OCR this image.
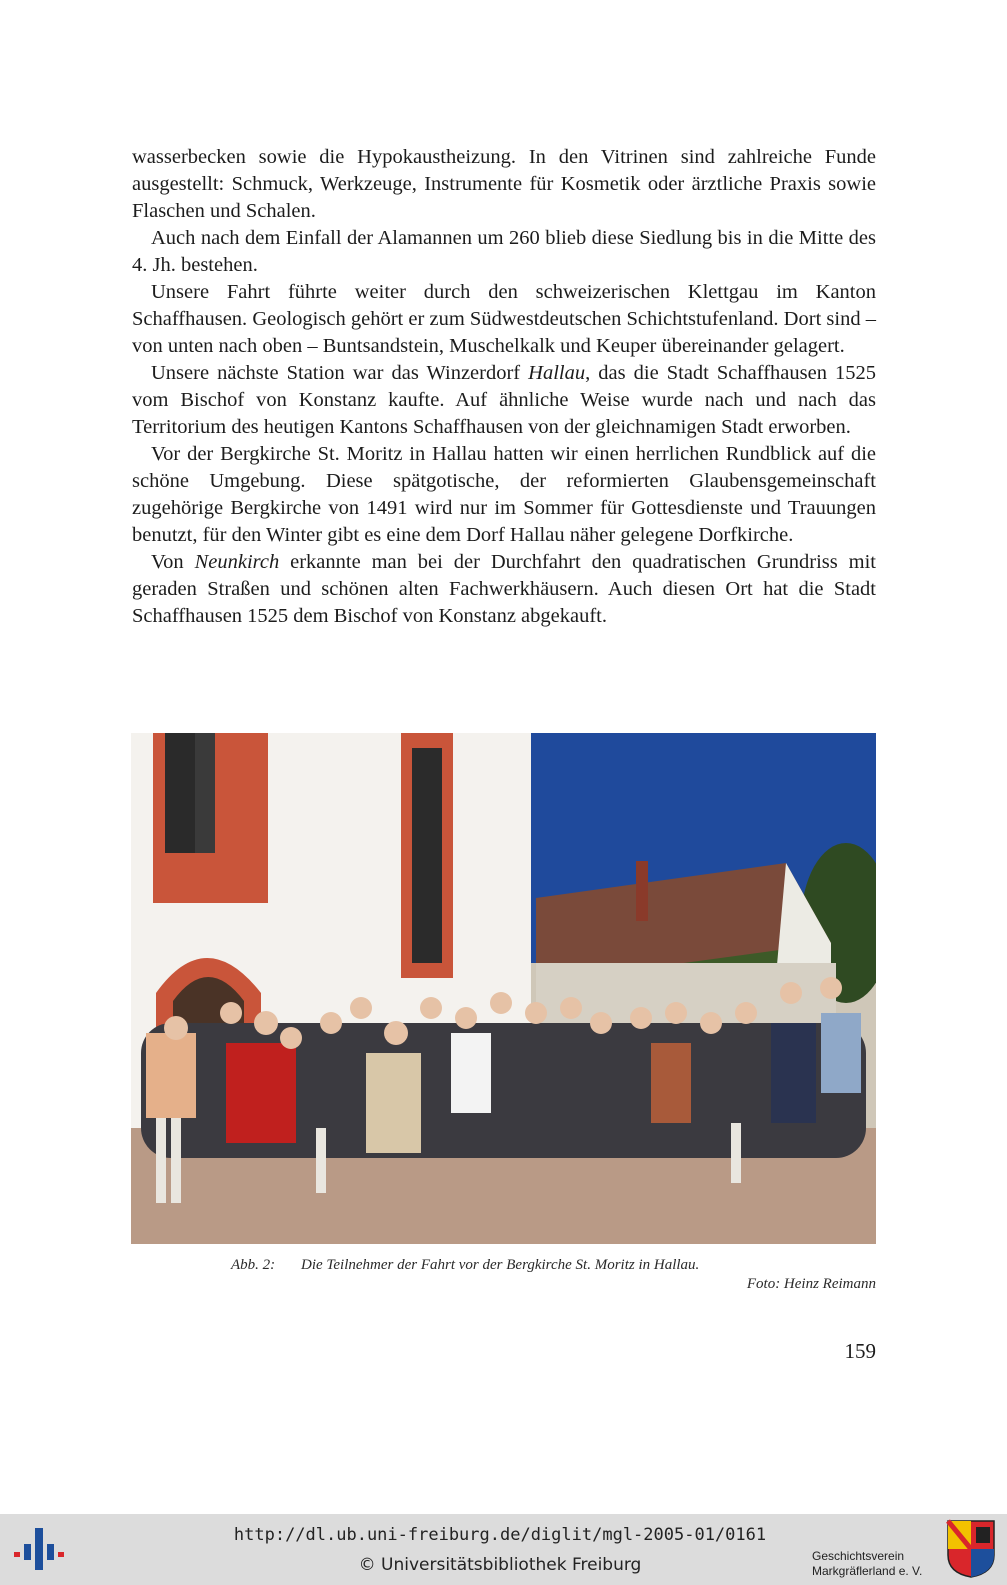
wasserbecken sowie die Hypokaustheizung. In den Vitrinen sind zahlreiche Funde ausgestellt: Schmuck, Werkzeuge, Instrumente für Kosmetik oder ärztliche Praxis sowie Flaschen und Schalen.

Auch nach dem Einfall der Alamannen um 260 blieb diese Siedlung bis in die Mitte des 4. Jh. bestehen.

Unsere Fahrt führte weiter durch den schweizerischen Klettgau im Kanton Schaffhausen. Geologisch gehört er zum Südwestdeutschen Schichtstufenland. Dort sind – von unten nach oben – Buntsandstein, Muschelkalk und Keuper übereinander gelagert.

Unsere nächste Station war das Winzerdorf Hallau, das die Stadt Schaffhausen 1525 vom Bischof von Konstanz kaufte. Auf ähnliche Weise wurde nach und nach das Territorium des heutigen Kantons Schaffhausen von der gleichnamigen Stadt erworben.

Vor der Bergkirche St. Moritz in Hallau hatten wir einen herrlichen Rundblick auf die schöne Umgebung. Diese spätgotische, der reformierten Glaubensgemeinschaft zugehörige Bergkirche von 1491 wird nur im Sommer für Gottesdienste und Trauungen benutzt, für den Winter gibt es eine dem Dorf Hallau näher gelegene Dorfkirche.

Von Neunkirch erkannte man bei der Durchfahrt den quadratischen Grundriss mit geraden Straßen und schönen alten Fachwerkhäusern. Auch diesen Ort hat die Stadt Schaffhausen 1525 dem Bischof von Konstanz abgekauft.

Abb. 2: Die Teilnehmer der Fahrt vor der Bergkirche St. Moritz in Hallau.
Foto: Heinz Reimann
159
http://dl.ub.uni-freiburg.de/diglit/mgl-2005-01/0161
© Universitätsbibliothek Freiburg	Geschichtsverein
Markgräflerland e. V.
